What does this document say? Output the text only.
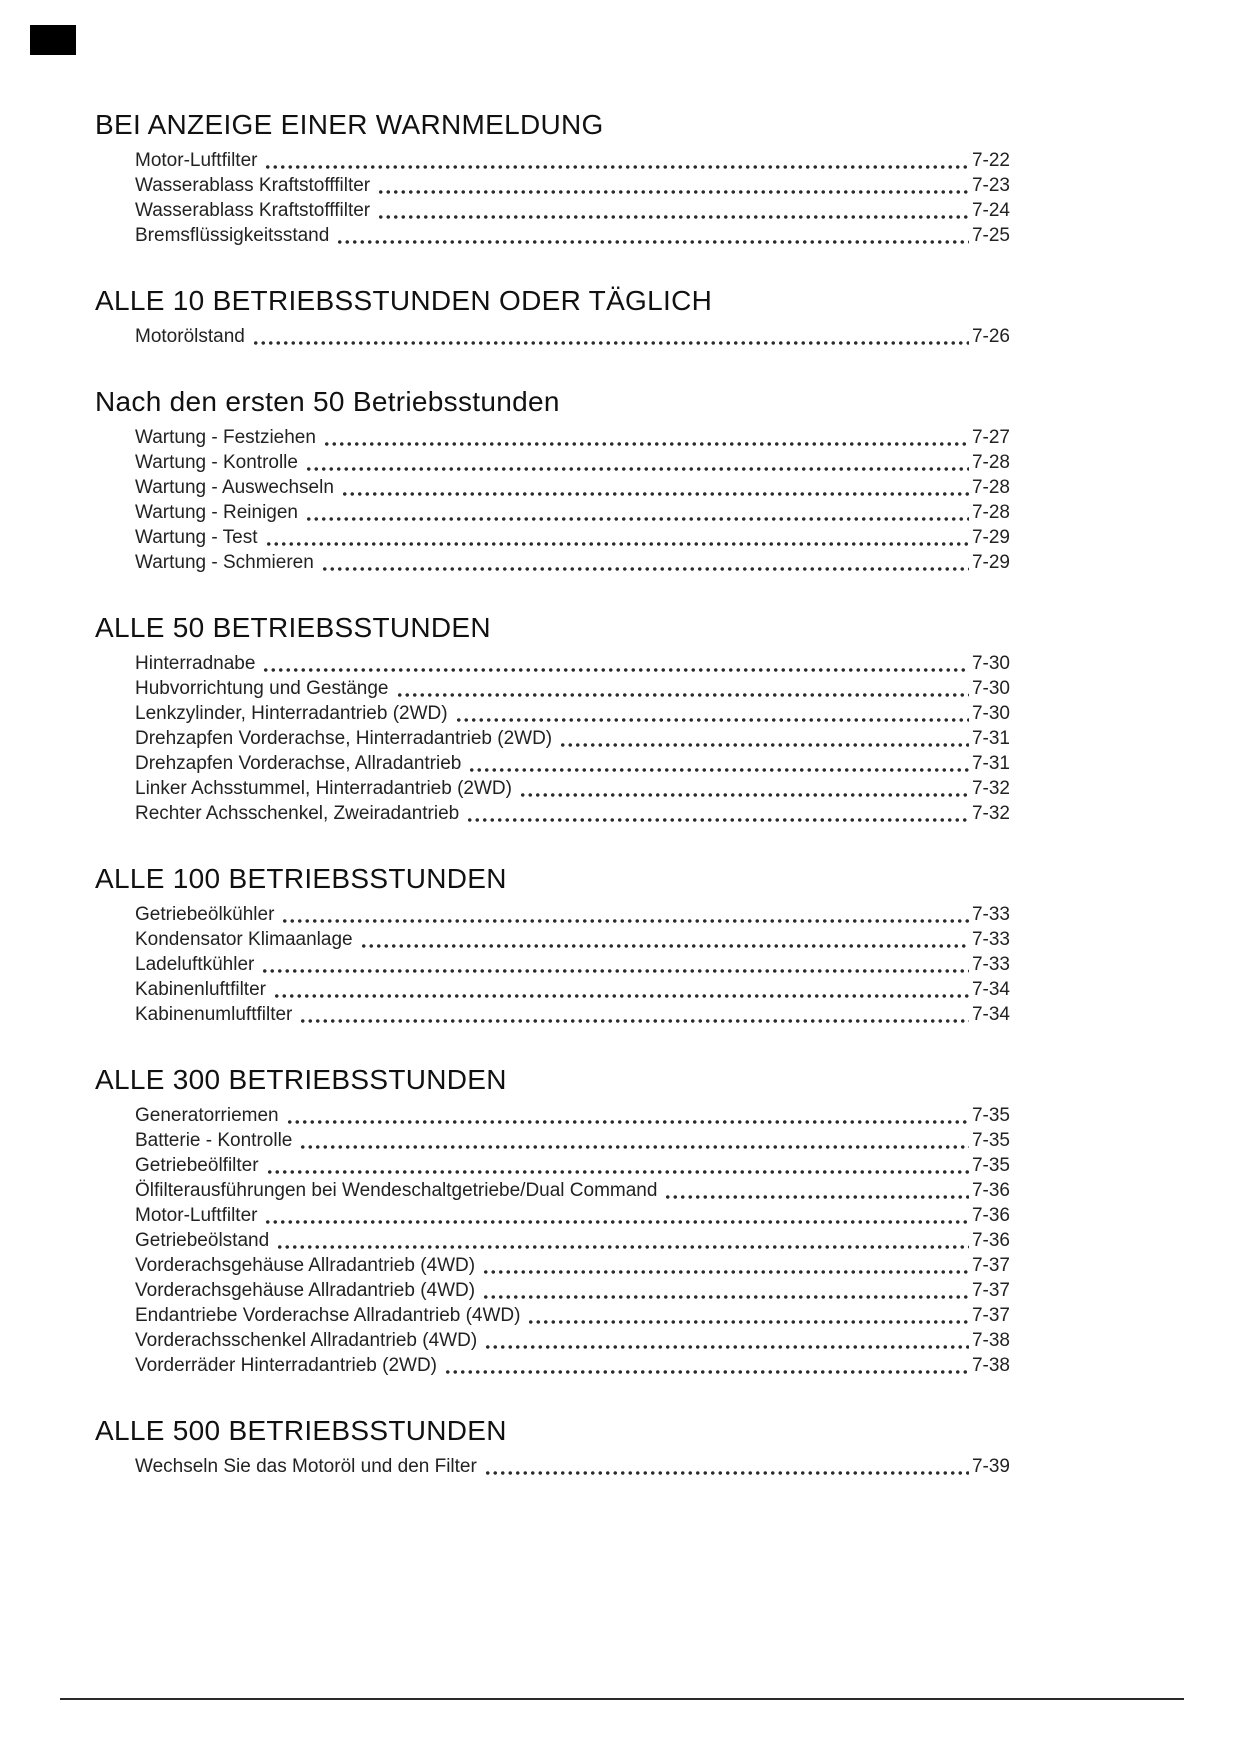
BEI ANZEIGE EINER WARNMELDUNG
Motor-Luftfilter	7-22
Wasserablass Kraftstofffilter	7-23
Wasserablass Kraftstofffilter	7-24
Bremsflüssigkeitsstand	7-25
ALLE 10 BETRIEBSSTUNDEN ODER TÄGLICH
Motorölstand	7-26
Nach den ersten 50 Betriebsstunden
Wartung - Festziehen	7-27
Wartung - Kontrolle	7-28
Wartung - Auswechseln	7-28
Wartung - Reinigen	7-28
Wartung - Test	7-29
Wartung - Schmieren	7-29
ALLE 50 BETRIEBSSTUNDEN
Hinterradnabe	7-30
Hubvorrichtung und Gestänge	7-30
Lenkzylinder, Hinterradantrieb (2WD)	7-30
Drehzapfen Vorderachse, Hinterradantrieb (2WD)	7-31
Drehzapfen Vorderachse, Allradantrieb	7-31
Linker Achsstummel, Hinterradantrieb (2WD)	7-32
Rechter Achsschenkel, Zweiradantrieb	7-32
ALLE 100 BETRIEBSSTUNDEN
Getriebeölkühler	7-33
Kondensator Klimaanlage	7-33
Ladeluftkühler	7-33
Kabinenluftfilter	7-34
Kabinenumluftfilter	7-34
ALLE 300 BETRIEBSSTUNDEN
Generatorriemen	7-35
Batterie - Kontrolle	7-35
Getriebeölfilter	7-35
Ölfilterausführungen bei Wendeschaltgetriebe/Dual Command	7-36
Motor-Luftfilter	7-36
Getriebeölstand	7-36
Vorderachsgehäuse Allradantrieb (4WD)	7-37
Vorderachsgehäuse Allradantrieb (4WD)	7-37
Endantriebe Vorderachse Allradantrieb (4WD)	7-37
Vorderachsschenkel Allradantrieb (4WD)	7-38
Vorderräder Hinterradantrieb (2WD)	7-38
ALLE 500 BETRIEBSSTUNDEN
Wechseln Sie das Motoröl und den Filter	7-39
